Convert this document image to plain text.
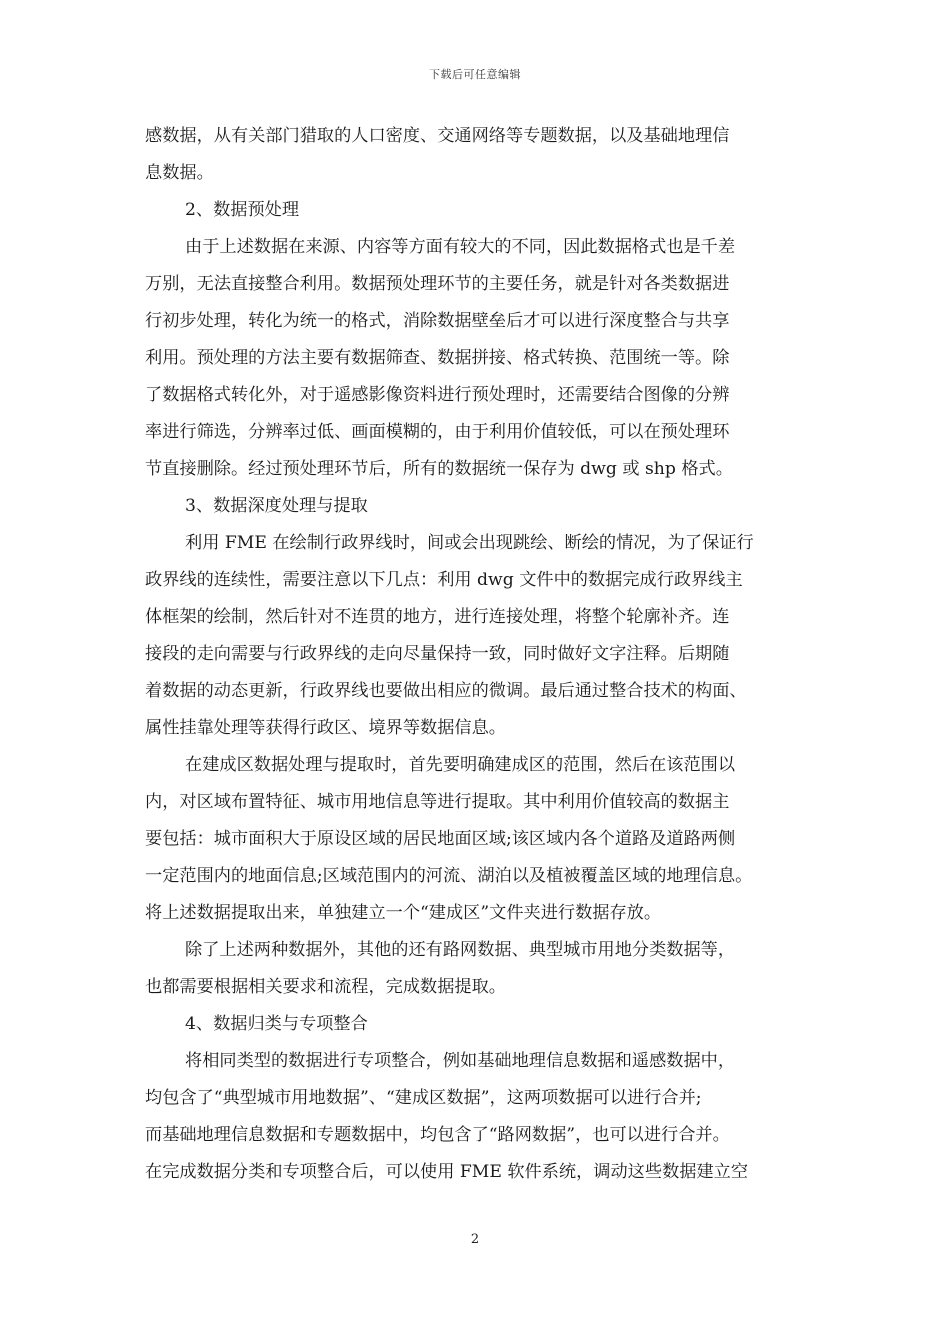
下载后可任意编辑
感数据，从有关部门猎取的人口密度、交通网络等专题数据，以及基础地理信
息数据。
2、数据预处理
由于上述数据在来源、内容等方面有较大的不同，因此数据格式也是千差
万别，无法直接整合利用。数据预处理环节的主要任务，就是针对各类数据进
行初步处理，转化为统一的格式，消除数据壁垒后才可以进行深度整合与共享
利用。预处理的方法主要有数据筛查、数据拼接、格式转换、范围统一等。除
了数据格式转化外，对于遥感影像资料进行预处理时，还需要结合图像的分辨
率进行筛选，分辨率过低、画面模糊的，由于利用价值较低，可以在预处理环
节直接删除。经过预处理环节后，所有的数据统一保存为 dwg 或 shp 格式。
3、数据深度处理与提取
利用 FME 在绘制行政界线时，间或会出现跳绘、断绘的情况，为了保证行
政界线的连续性，需要注意以下几点：利用 dwg 文件中的数据完成行政界线主
体框架的绘制，然后针对不连贯的地方，进行连接处理，将整个轮廓补齐。连
接段的走向需要与行政界线的走向尽量保持一致，同时做好文字注释。后期随
着数据的动态更新，行政界线也要做出相应的微调。最后通过整合技术的构面、
属性挂靠处理等获得行政区、境界等数据信息。
在建成区数据处理与提取时，首先要明确建成区的范围，然后在该范围以
内，对区域布置特征、城市用地信息等进行提取。其中利用价值较高的数据主
要包括：城市面积大于原设区域的居民地面区域;该区域内各个道路及道路两侧
一定范围内的地面信息;区域范围内的河流、湖泊以及植被覆盖区域的地理信息。
将上述数据提取出来，单独建立一个“建成区”文件夹进行数据存放。
除了上述两种数据外，其他的还有路网数据、典型城市用地分类数据等，
也都需要根据相关要求和流程，完成数据提取。
4、数据归类与专项整合
将相同类型的数据进行专项整合，例如基础地理信息数据和遥感数据中，
均包含了“典型城市用地数据”、“建成区数据”，这两项数据可以进行合并;
而基础地理信息数据和专题数据中，均包含了“路网数据”，也可以进行合并。
在完成数据分类和专项整合后，可以使用 FME 软件系统，调动这些数据建立空
2
